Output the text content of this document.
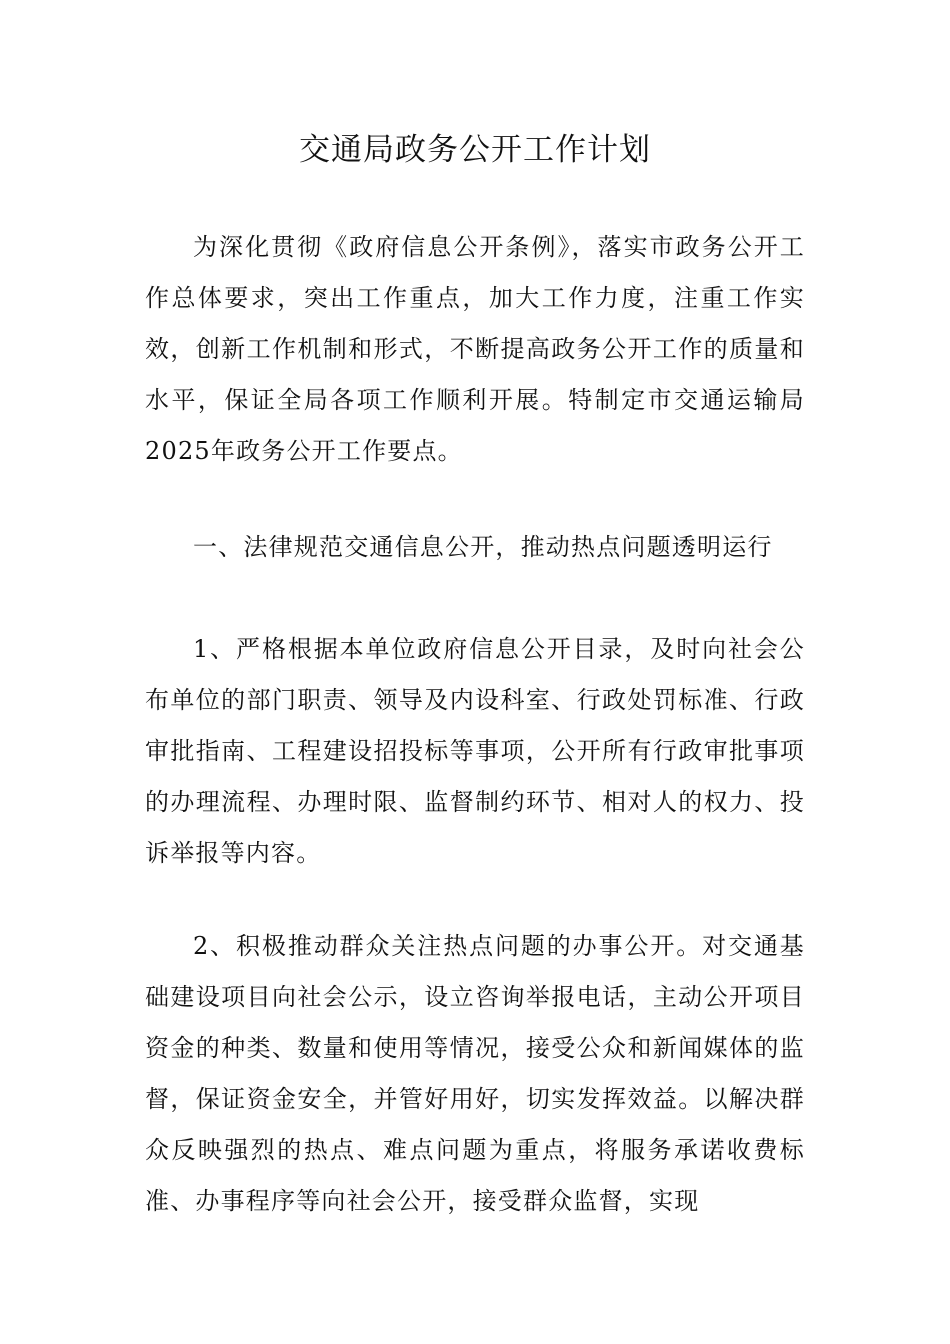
交通局政务公开工作计划

为深化贯彻《政府信息公开条例》，落实市政务公开工作总体要求，突出工作重点，加大工作力度，注重工作实效，创新工作机制和形式，不断提高政务公开工作的质量和水平，保证全局各项工作顺利开展。特制定市交通运输局2025年政务公开工作要点。

一、法律规范交通信息公开，推动热点问题透明运行

1、严格根据本单位政府信息公开目录，及时向社会公布单位的部门职责、领导及内设科室、行政处罚标准、行政审批指南、工程建设招投标等事项，公开所有行政审批事项的办理流程、办理时限、监督制约环节、相对人的权力、投诉举报等内容。

2、积极推动群众关注热点问题的办事公开。对交通基础建设项目向社会公示，设立咨询举报电话，主动公开项目资金的种类、数量和使用等情况，接受公众和新闻媒体的监督，保证资金安全，并管好用好，切实发挥效益。以解决群众反映强烈的热点、难点问题为重点，将服务承诺收费标准、办事程序等向社会公开，接受群众监督，实现
